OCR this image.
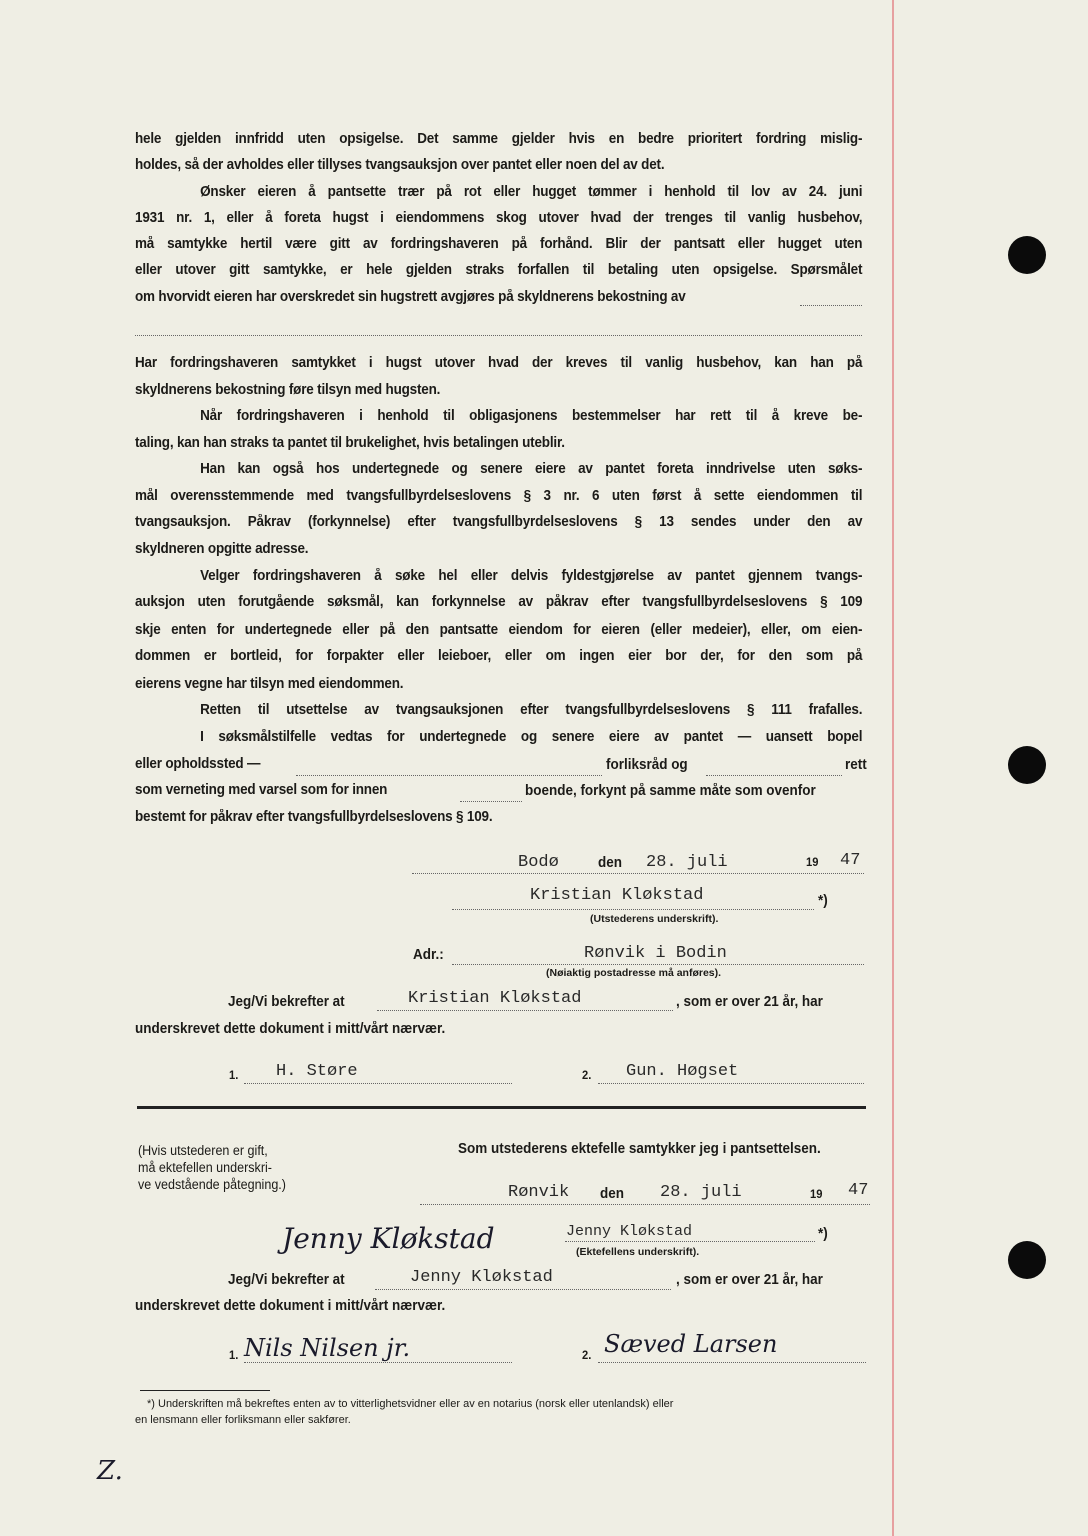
hele gjelden innfridd uten opsigelse. Det samme gjelder hvis en bedre prioritert fordring mislig-
holdes, så der avholdes eller tillyses tvangsauksjon over pantet eller noen del av det.
Ønsker eieren å pantsette trær på rot eller hugget tømmer i henhold til lov av 24. juni
1931 nr. 1, eller å foreta hugst i eiendommens skog utover hvad der trenges til vanlig husbehov,
må samtykke hertil være gitt av fordringshaveren på forhånd. Blir der pantsatt eller hugget uten
eller utover gitt samtykke, er hele gjelden straks forfallen til betaling uten opsigelse. Spørsmålet
om hvorvidt eieren har overskredet sin hugstrett avgjøres på skyldnerens bekostning av
Har fordringshaveren samtykket i hugst utover hvad der kreves til vanlig husbehov, kan han på
skyldnerens bekostning føre tilsyn med hugsten.
Når fordringshaveren i henhold til obligasjonens bestemmelser har rett til å kreve be-
taling, kan han straks ta pantet til brukelighet, hvis betalingen uteblir.
Han kan også hos undertegnede og senere eiere av pantet foreta inndrivelse uten søks-
mål overensstemmende med tvangsfullbyrdelseslovens § 3 nr. 6 uten først å sette eiendommen til
tvangsauksjon. Påkrav (forkynnelse) efter tvangsfullbyrdelseslovens § 13 sendes under den av
skyldneren opgitte adresse.
Velger fordringshaveren å søke hel eller delvis fyldestgjørelse av pantet gjennem tvangs-
auksjon uten forutgående søksmål, kan forkynnelse av påkrav efter tvangsfullbyrdelseslovens § 109
skje enten for undertegnede eller på den pantsatte eiendom for eieren (eller medeier), eller, om eien-
dommen er bortleid, for forpakter eller leieboer, eller om ingen eier bor der, for den som på
eierens vegne har tilsyn med eiendommen.
Retten til utsettelse av tvangsauksjonen efter tvangsfullbyrdelseslovens § 111 frafalles.
I søksmålstilfelle vedtas for undertegnede og senere eiere av pantet — uansett bopel
eller opholdssted —
som verneting med varsel som for innen
bestemt for påkrav efter tvangsfullbyrdelseslovens § 109.
forliksråd og	rett
boende, forkynt på samme måte som ovenfor
Bodø	den 28. juli	19 47
Kristian Kløkstad	*)
(Utstederens underskrift).
Adr.:	Rønvik i Bodin
(Nøiaktig postadresse må anføres).
Jeg/Vi bekrefter at	Kristian Kløkstad	, som er over 21 år, har
underskrevet dette dokument i mitt/vårt nærvær.
1. H. Støre	2. Gun. Høgset
(Hvis utstederen er gift,
må ektefellen underskri-
ve vedstående påtegning.)
Som utstederens ektefelle samtykker jeg i pantsettelsen.
Rønvik den 28. juli	19 47
Jenny Kløkstad	Jenny Kløkstad	*)
(Ektefellens underskrift).
Jeg/Vi bekrefter at	Jenny Kløkstad	, som er over 21 år, har
underskrevet dette dokument i mitt/vårt nærvær.
1. Nils Nilsen jr.	2. Sæved Larsen
*) Underskriften må bekreftes enten av to vitterlighetsvidner eller av en notarius (norsk eller utenlandsk) eller
en lensmann eller forliksmann eller sakfører.
Z.
